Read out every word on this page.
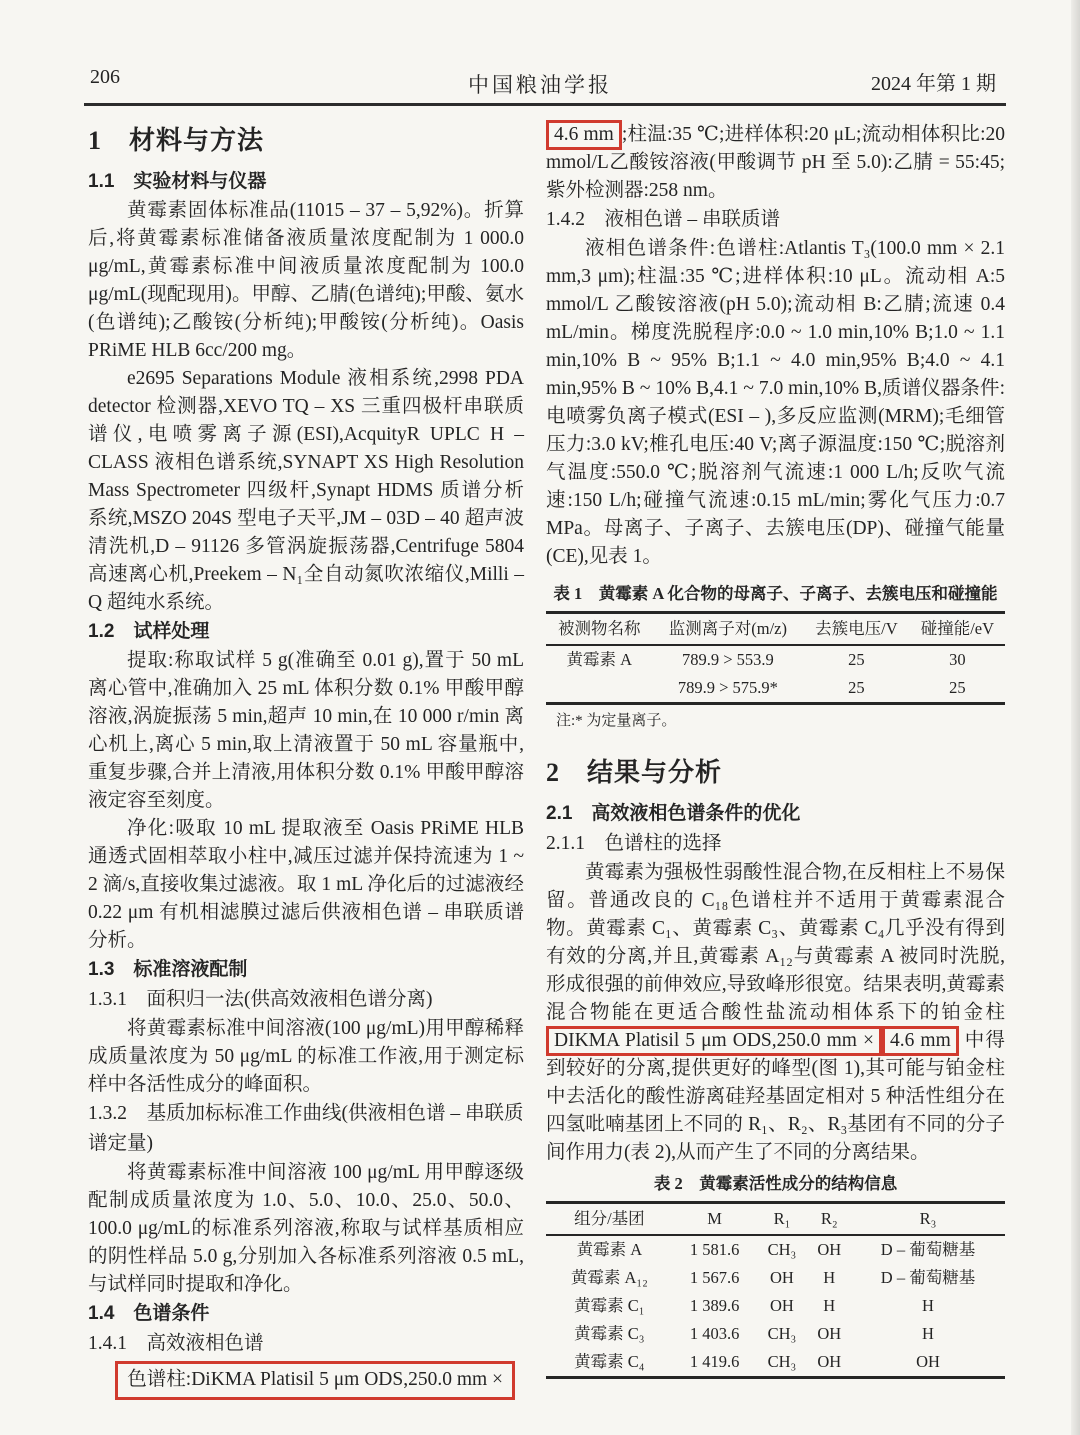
206	中国粮油学报	2024 年第 1 期
1　材料与方法
1.1　实验材料与仪器

黄霉素固体标准品(11015 – 37 – 5,92%)。折算后,将黄霉素标准储备液质量浓度配制为 1 000.0 μg/mL,黄霉素标准中间液质量浓度配制为 100.0 μg/mL(现配现用)。甲醇、乙腈(色谱纯);甲酸、氨水(色谱纯);乙酸铵(分析纯);甲酸铵(分析纯)。Oasis PRiME HLB 6cc/200 mg。

e2695 Separations Module 液相系统,2998 PDA detector 检测器,XEVO TQ – XS 三重四极杆串联质谱仪,电喷雾离子源(ESI),AcquityR UPLC H – CLASS 液相色谱系统,SYNAPT XS High Resolution Mass Spectrometer 四级杆,Synapt HDMS 质谱分析系统,MSZO 204S 型电子天平,JM – 03D – 40 超声波清洗机,D – 91126 多管涡旋振荡器,Centrifuge 5804 高速离心机,Preekem – N₁全自动氮吹浓缩仪,Milli – Q 超纯水系统。

1.2　试样处理

提取:称取试样 5 g(准确至 0.01 g),置于 50 mL 离心管中,准确加入 25 mL 体积分数 0.1% 甲酸甲醇溶液,涡旋振荡 5 min,超声 10 min,在 10 000 r/min 离心机上,离心 5 min,取上清液置于 50 mL 容量瓶中,重复步骤,合并上清液,用体积分数 0.1% 甲酸甲醇溶液定容至刻度。

净化:吸取 10 mL 提取液至 Oasis PRiME HLB 通透式固相萃取小柱中,减压过滤并保持流速为 1 ~ 2 滴/s,直接收集过滤液。取 1 mL 净化后的过滤液经 0.22 μm 有机相滤膜过滤后供液相色谱 – 串联质谱分析。

1.3　标准溶液配制
1.3.1　面积归一法(供高效液相色谱分离)

将黄霉素标准中间溶液(100 μg/mL)用甲醇稀释成质量浓度为 50 μg/mL 的标准工作液,用于测定标样中各活性成分的峰面积。

1.3.2　基质加标标准工作曲线(供液相色谱 – 串联质谱定量)

将黄霉素标准中间溶液 100 μg/mL 用甲醇逐级配制成质量浓度为 1.0、5.0、10.0、25.0、50.0、100.0 μg/mL的标准系列溶液,称取与试样基质相应的阴性样品 5.0 g,分别加入各标准系列溶液 0.5 mL,与试样同时提取和净化。

1.4　色谱条件
1.4.1　高效液相色谱
色谱柱:DiKMA Platisil 5 μm ODS,250.0 mm ×

4.6 mm ;柱温:35 ℃;进样体积:20 μL;流动相体积比:20 mmol/L乙酸铵溶液(甲酸调节 pH 至 5.0):乙腈 = 55:45;紫外检测器:258 nm。

1.4.2　液相色谱 – 串联质谱

液相色谱条件:色谱柱:Atlantis T₃(100.0 mm × 2.1 mm,3 μm);柱温:35 ℃;进样体积:10 μL。流动相 A:5 mmol/L 乙酸铵溶液(pH 5.0);流动相 B:乙腈;流速 0.4 mL/min。梯度洗脱程序:0.0 ~ 1.0 min,10% B;1.0 ~ 1.1 min,10% B ~ 95% B;1.1 ~ 4.0 min,95% B;4.0 ~ 4.1 min,95% B ~ 10% B,4.1 ~ 7.0 min,10% B,质谱仪器条件:电喷雾负离子模式(ESI – ),多反应监测(MRM);毛细管压力:3.0 kV;椎孔电压:40 V;离子源温度:150 ℃;脱溶剂气温度:550.0 ℃;脱溶剂气流速:1 000 L/h;反吹气流速:150 L/h;碰撞气流速:0.15 mL/min;雾化气压力:0.7 MPa。母离子、子离子、去簇电压(DP)、碰撞气能量(CE),见表 1。

表 1　黄霉素 A 化合物的母离子、子离子、去簇电压和碰撞能
被测物名称	监测离子对(m/z)	去簇电压/V	碰撞能/eV
黄霉素 A	789.9 > 553.9	25	30
	789.9 > 575.9*	25	25
注:* 为定量离子。
2　结果与分析
2.1　高效液相色谱条件的优化
2.1.1　色谱柱的选择

黄霉素为强极性弱酸性混合物,在反相柱上不易保留。普通改良的 C₁₈色谱柱并不适用于黄霉素混合物。黄霉素 C₁、黄霉素 C₃、黄霉素 C₄几乎没有得到有效的分离,并且,黄霉素 A₁₂与黄霉素 A 被同时洗脱,形成很强的前伸效应,导致峰形很宽。结果表明,黄霉素混合物能在更适合酸性盐流动相体系下的铂金柱DIKMA Platisil 5 μm ODS,250.0 mm × 4.6 mm 中得到较好的分离,提供更好的峰型(图 1),其可能与铂金柱中去活化的酸性游离硅羟基固定相对 5 种活性组分在四氢吡喃基团上不同的 R₁、R₂、R₃基团有不同的分子间作用力(表 2),从而产生了不同的分离结果。

表 2　黄霉素活性成分的结构信息
组分/基团	M	R₁	R₂	R₃
黄霉素 A	1 581.6	CH₃	OH	D – 葡萄糖基
黄霉素 A₁₂	1 567.6	OH	H	D – 葡萄糖基
黄霉素 C₁	1 389.6	OH	H	H
黄霉素 C₃	1 403.6	CH₃	OH	H
黄霉素 C₄	1 419.6	CH₃	OH	OH
